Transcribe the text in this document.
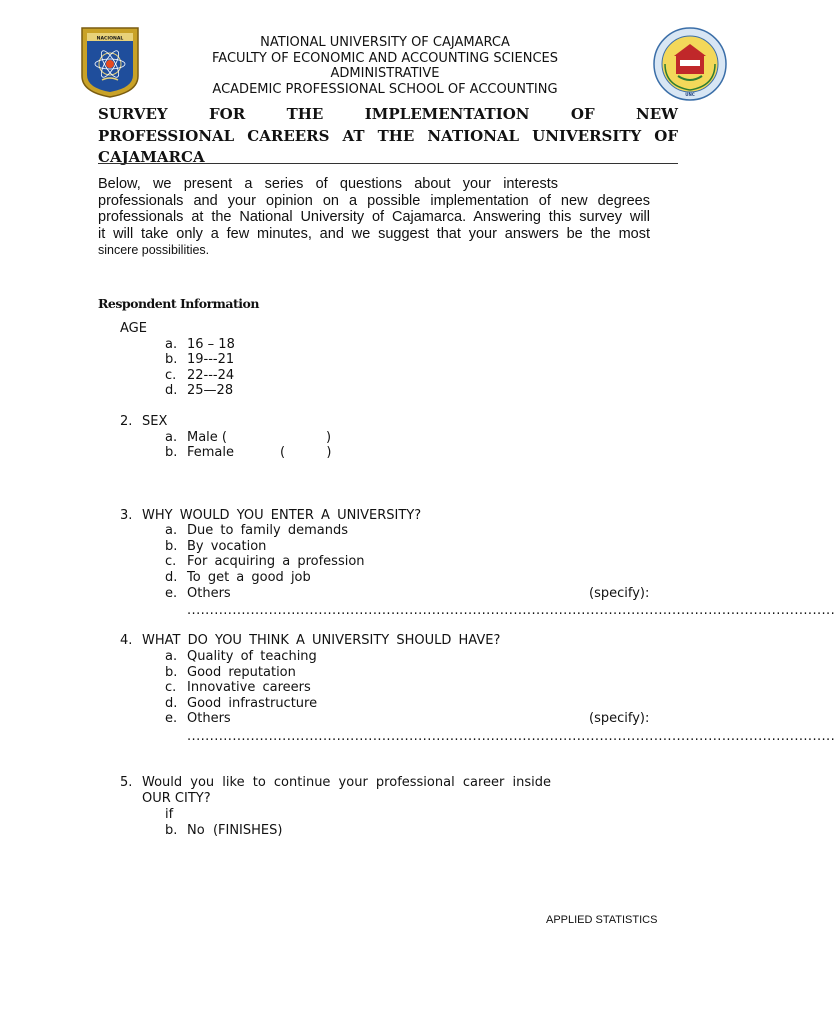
NACIONAL
UNC
NATIONAL UNIVERSITY OF CAJAMARCA
FACULTY OF ECONOMIC AND ACCOUNTING SCIENCES
ADMINISTRATIVE
ACADEMIC PROFESSIONAL SCHOOL OF ACCOUNTING
SURVEY FOR THE IMPLEMENTATION OF NEW
PROFESSIONAL CAREERS AT THE NATIONAL UNIVERSITY OF
CAJAMARCA
Below, we present a series of questions about your interests
professionals and your opinion on a possible implementation of new degrees
professionals at the National University of Cajamarca. Answering this survey will
it will take only a few minutes, and we suggest that your answers be the most
sincere possibilities.
Respondent Information
AGE
a. 16 – 18
b. 19---21
c. 22---24
d. 25—28
2. SEX
a. Male (	)
b. Female	(          )
3. WHY WOULD YOU ENTER A UNIVERSITY?
a. Due to family demands
b. By vocation
c. For acquiring a profession
d. To get a good job
e. Others	(specify):
...............................................................................................................................................
4. WHAT DO YOU THINK A UNIVERSITY SHOULD HAVE?
a. Quality of teaching
b. Good reputation
c. Innovative careers
d. Good infrastructure
e. Others	(specify):
...............................................................................................................................................
5. Would you like to continue your professional career inside
OUR CITY?
if
b. No  (FINISHES)
APPLIED STATISTICS
